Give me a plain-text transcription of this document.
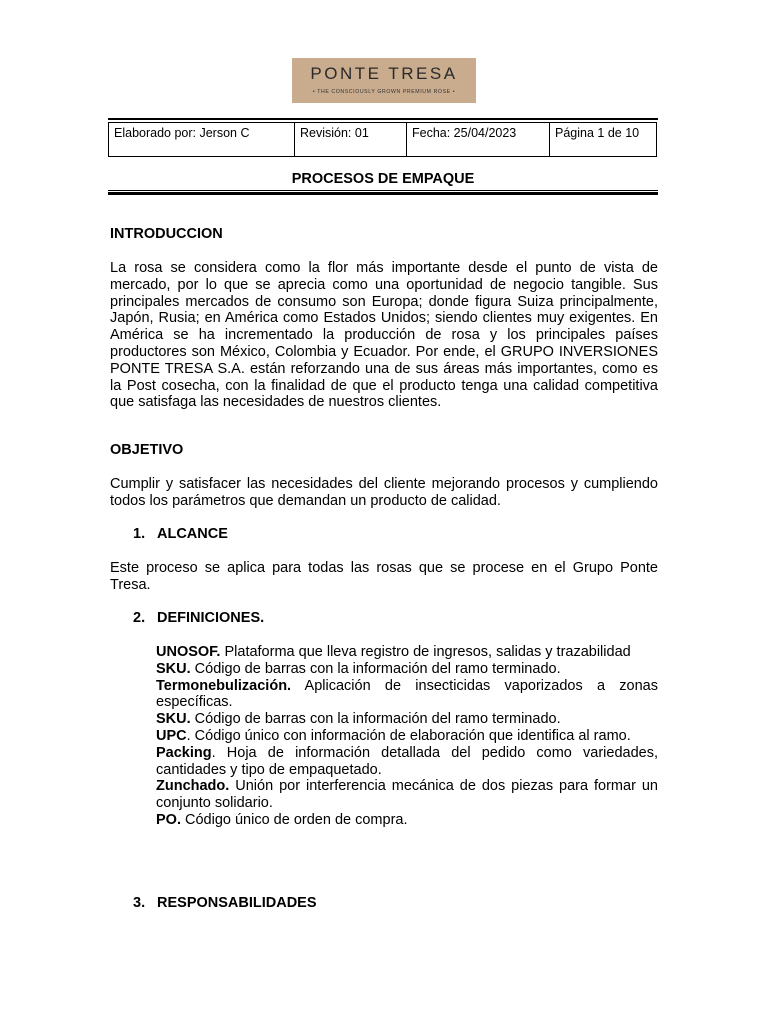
PONTE TRESA
• THE CONSCIOUSLY GROWN PREMIUM ROSE •
Elaborado por: Jerson C	Revisión: 01	Fecha: 25/04/2023	Página 1 de 10
PROCESOS DE EMPAQUE
INTRODUCCION
La rosa se considera como la flor más importante desde el punto de vista de mercado, por lo que se aprecia como una oportunidad de negocio tangible. Sus principales mercados de consumo son Europa; donde figura Suiza principalmente, Japón, Rusia; en América como Estados Unidos; siendo clientes muy exigentes. En América se ha incrementado la producción de rosa y los principales países productores son México, Colombia y Ecuador. Por ende, el GRUPO INVERSIONES PONTE TRESA S.A. están reforzando una de sus áreas más importantes, como es la Post cosecha, con la finalidad de que el producto tenga una calidad competitiva que satisfaga las necesidades de nuestros clientes.
OBJETIVO
Cumplir y satisfacer las necesidades del cliente mejorando procesos y cumpliendo todos los parámetros que demandan un producto de calidad.
1. ALCANCE
Este proceso se aplica para todas las rosas que se procese en el Grupo Ponte Tresa.
2. DEFINICIONES.

UNOSOF. Plataforma que lleva registro de ingresos, salidas y trazabilidad

SKU. Código de barras con la información del ramo terminado.

Termonebulización. Aplicación de insecticidas vaporizados a zonas específicas.

SKU. Código de barras con la información del ramo terminado.

UPC. Código único con información de elaboración que identifica al ramo.

Packing. Hoja de información detallada del pedido como variedades, cantidades y tipo de empaquetado.

Zunchado. Unión por interferencia mecánica de dos piezas para formar un conjunto solidario.

PO. Código único de orden de compra.

3. RESPONSABILIDADES
